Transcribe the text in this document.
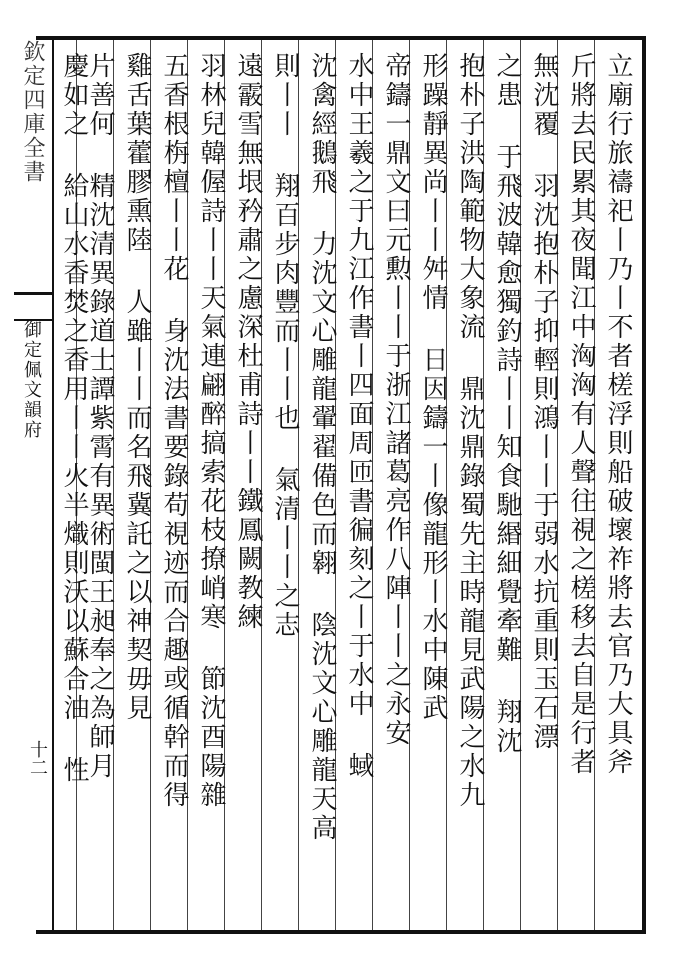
欽定四庫全書
御定佩文韻府
十二	立廟行旅禱祀丨乃丨不者槎浮則船破壞祚將去官乃大具斧
斤將去民累其夜聞江中洶洶有人聲往視之槎移去自是行者
無沈覆 羽沈抱朴子抑輕則鴻丨丨于弱水抗重則玉石漂
之患 于飛波韓愈獨釣詩丨丨知食馳緡細覺牽難 翔沈
抱朴子洪陶範物大象流 鼎沈鼎錄蜀先主時龍見武陽之水九
形躁靜異尚丨丨舛情 日因鑄一丨像龍形丨水中陳武
帝鑄一鼎文曰元勲丨丨于浙江諸葛亮作八陣丨丨之永安
水中王羲之于九江作書丨四面周匝書徧刻之丨于水中 蜮
沈禽經鵝飛 力沈文心雕龍翬翟備色而翱 陰沈文心雕龍天高
則丨丨 翔百步肉豐而丨丨也 氣清丨丨之志
遠霰雪無垠矜肅之慮深杜甫詩丨丨鐵鳳闕教練
羽林兒韓偓詩丨丨天氣連翩醉搞索花枝撩峭寒 節沈酉陽雜
五香根栴檀丨丨花 身沈法書要錄苟視迹而合趣或循幹而得
雞舌葉藿膠熏陸 人雖丨丨而名飛冀託之以神契毋見
片善何 精沈清異錄道士譚紫霄有異術閩王昶奉之為師月
慶如之 給山水香焚之香用丨丨火半熾則沃以蘇合油 性
